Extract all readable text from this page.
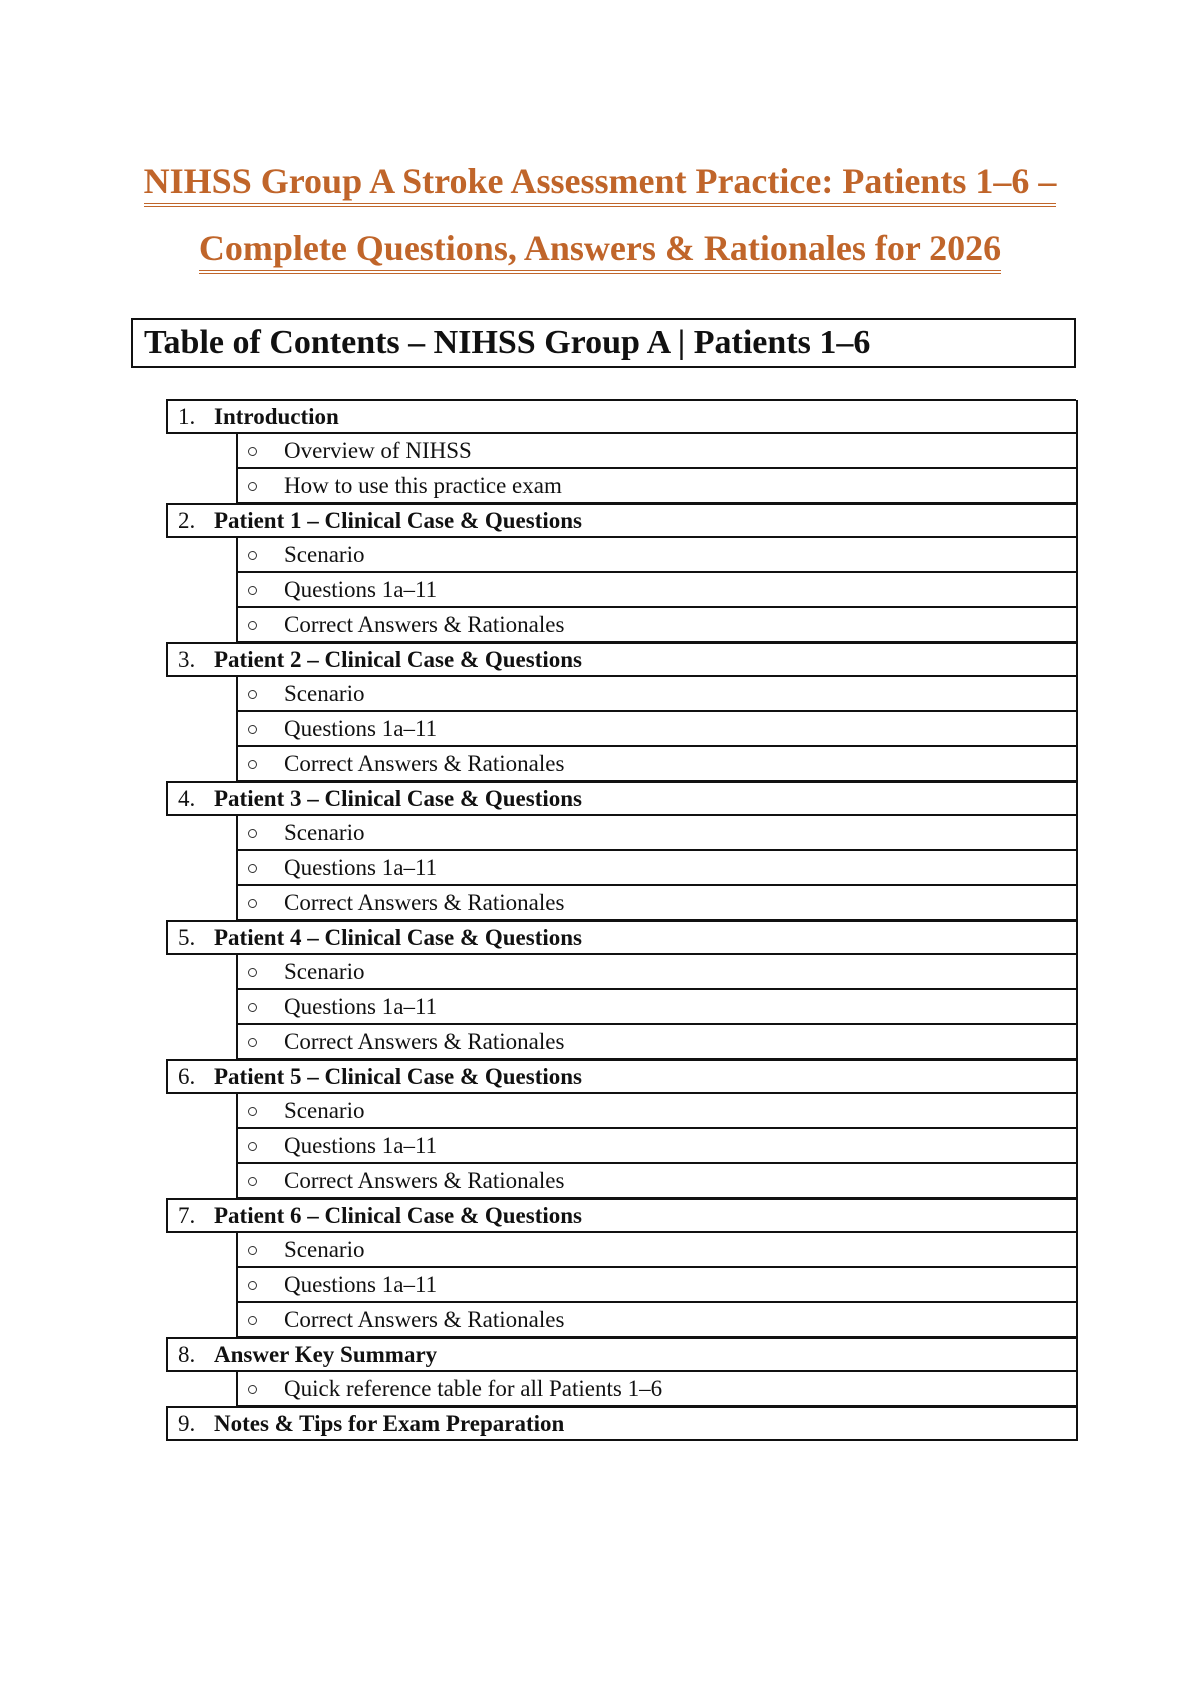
NIHSS Group A Stroke Assessment Practice: Patients 1–6 –
Complete Questions, Answers & Rationales for 2026
Table of Contents – NIHSS Group A | Patients 1–6
1. Introduction
Overview of NIHSS
How to use this practice exam
2. Patient 1 – Clinical Case & Questions
Scenario
Questions 1a–11
Correct Answers & Rationales
3. Patient 2 – Clinical Case & Questions
Scenario
Questions 1a–11
Correct Answers & Rationales
4. Patient 3 – Clinical Case & Questions
Scenario
Questions 1a–11
Correct Answers & Rationales
5. Patient 4 – Clinical Case & Questions
Scenario
Questions 1a–11
Correct Answers & Rationales
6. Patient 5 – Clinical Case & Questions
Scenario
Questions 1a–11
Correct Answers & Rationales
7. Patient 6 – Clinical Case & Questions
Scenario
Questions 1a–11
Correct Answers & Rationales
8. Answer Key Summary
Quick reference table for all Patients 1–6
9. Notes & Tips for Exam Preparation
